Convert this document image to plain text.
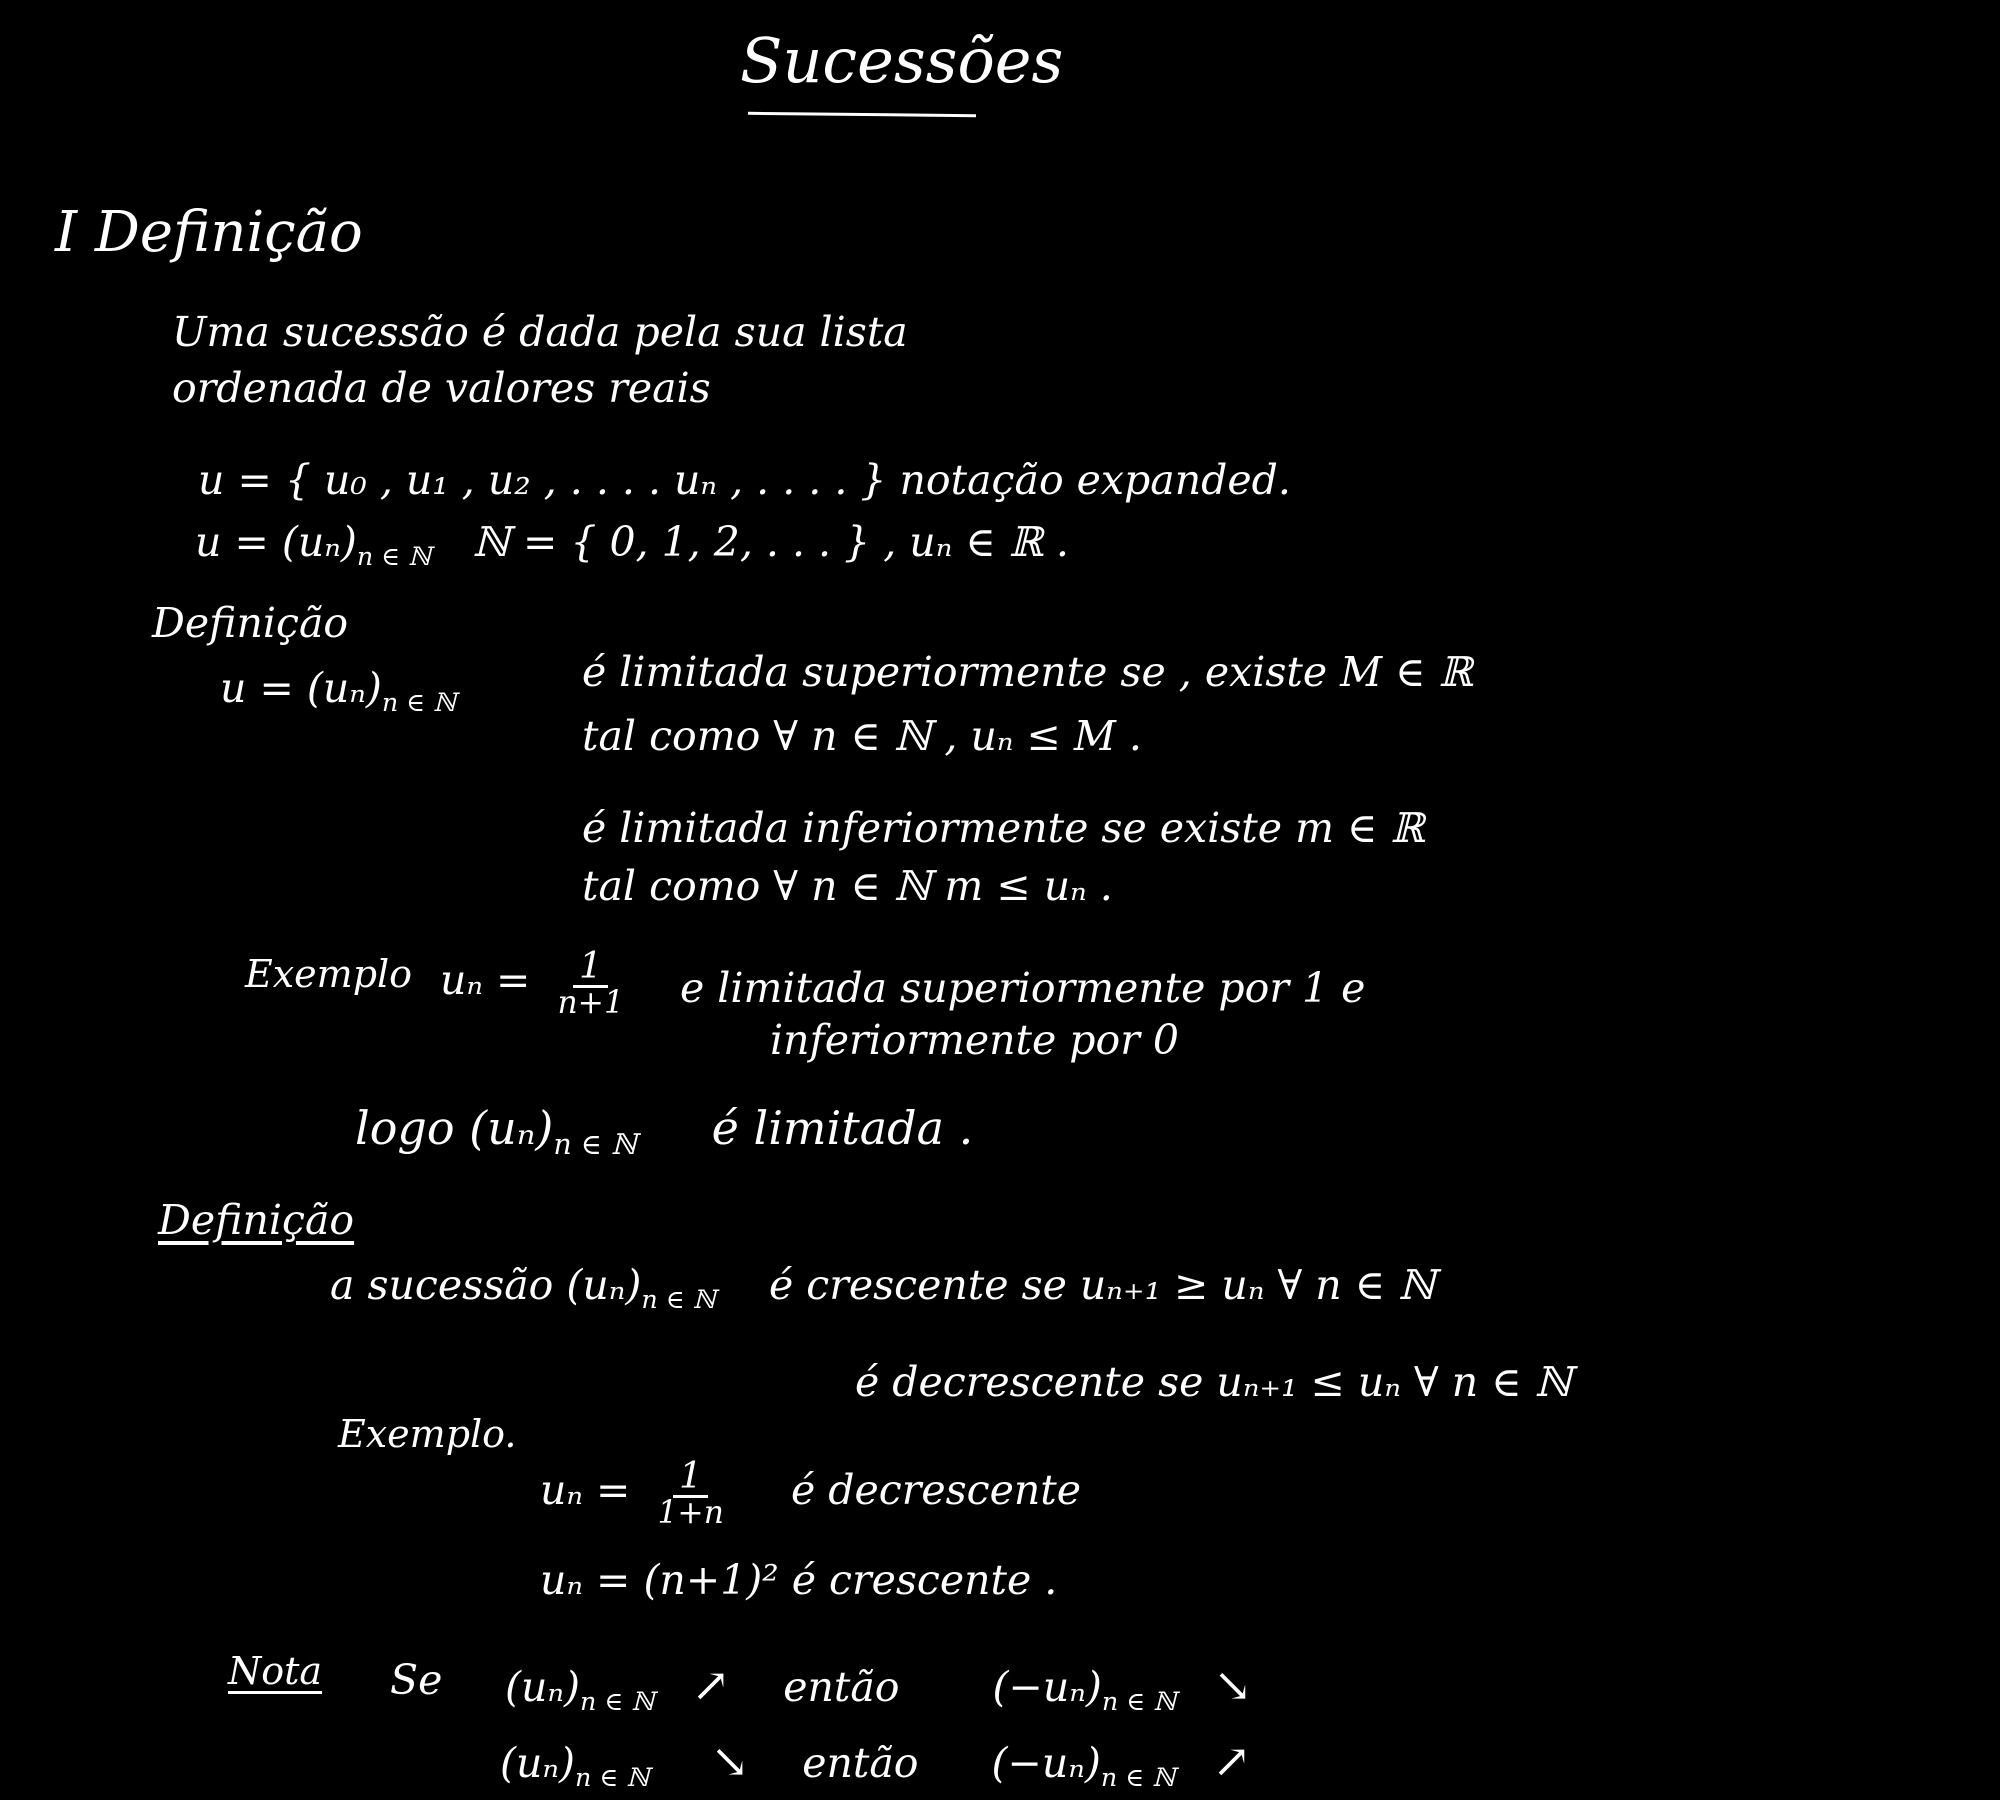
Sucessões
I Definição
Uma sucessão é dada pela sua lista
ordenada de valores reais
u = { u₀ , u₁ , u₂ , . . . . uₙ , . . . . } notação expanded.
$u = (u_n)_{n \in ℕ}$ ℕ = { 0, 1, 2, . . . } , uₙ ∈ ℝ .
Definição
$u = (u_n)_{n \in ℕ}$
é limitada superiormente se , existe M ∈ ℝ
tal como ∀ n ∈ ℕ , uₙ ≤ M .
é limitada inferiormente se existe m ∈ ℝ
tal como ∀ n ∈ ℕ m ≤ uₙ .
Exemplo $u_n = \frac{1}{n+1}$ e limitada superiormente por 1 e
inferiormente por 0
logo $(u_n)_{n \in ℕ}$ é limitada .
Definição
a sucessão $(u_n)_{n \in ℕ}$ é crescente se uₙ₊₁ ≥ uₙ ∀ n ∈ ℕ
é decrescente se uₙ₊₁ ≤ uₙ ∀ n ∈ ℕ
Exemplo.
$u_n = \frac{1}{1+n}$ é decrescente
uₙ = (n+1)² é crescente .
Nota Se $(u_n)_{n \in ℕ}$ ↗ então $(-u_n)_{n \in ℕ}$ ↘
$(u_n)_{n \in ℕ}$ ↘ então $(-u_n)_{n \in ℕ}$ ↗
